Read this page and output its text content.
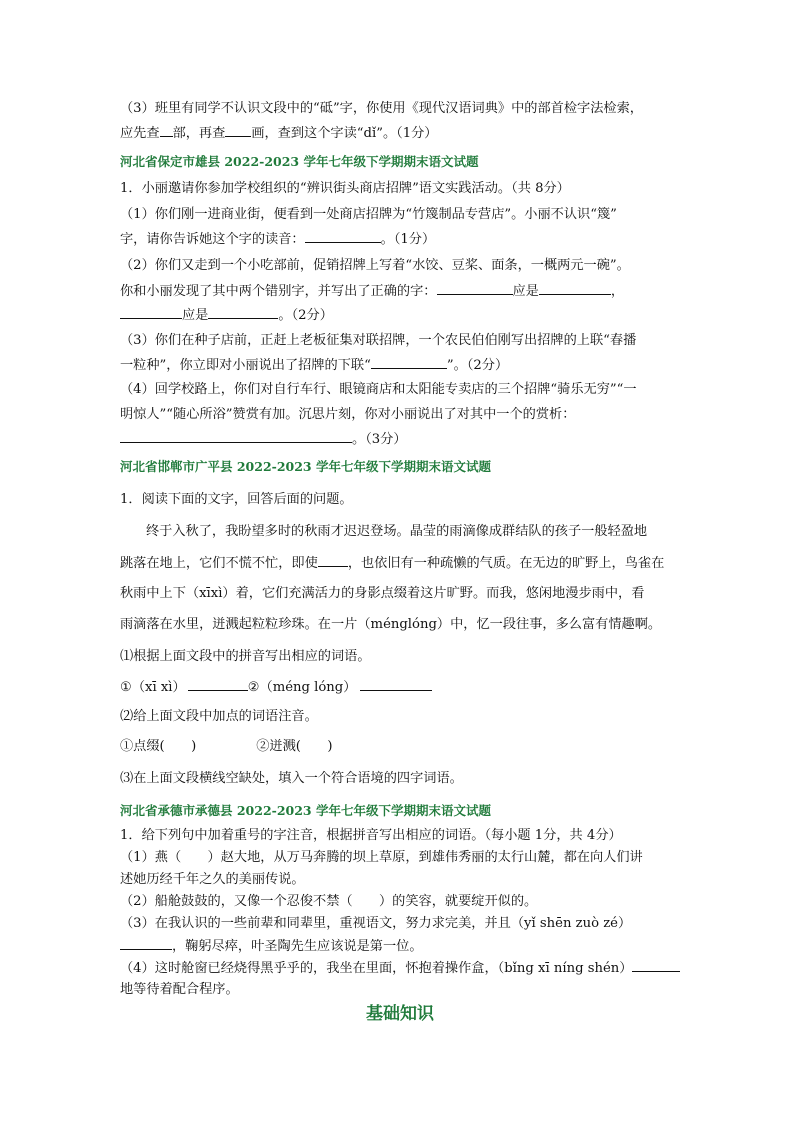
（3）班里有同学不认识文段中的“砥”字，你使用《现代汉语词典》中的部首检字法检索，
应先查 部，再查 画，查到这个字读“dǐ”。（1分）
河北省保定市雄县 2022-2023 学年七年级下学期期末语文试题
1．小丽邀请你参加学校组织的“辨识街头商店招牌”语文实践活动。（共 8分）
（1）你们刚一进商业街，便看到一处商店招牌为“竹篾制品专营店”。小丽不认识“篾”
字，请你告诉她这个字的读音：	。（1分）
（2）你们又走到一个小吃部前，促销招牌上写着“水饺、豆桨、面条，一概两元一碗”。
你和小丽发现了其中两个错别字，并写出了正确的字：	应是	，
应是	。（2分）
（3）你们在种子店前，正赶上老板征集对联招牌，一个农民伯伯刚写出招牌的上联“春播
一粒种”，你立即对小丽说出了招牌的下联“	”。（2分）
（4）回学校路上，你们对自行车行、眼镜商店和太阳能专卖店的三个招牌“骑乐无穷”“一
明惊人”“随心所浴”赞赏有加。沉思片刻，你对小丽说出了对其中一个的赏析：
。（3分）
河北省邯郸市广平县 2022-2023 学年七年级下学期期末语文试题
1．阅读下面的文字，回答后面的问题。
终于入秋了，我盼望多时的秋雨才迟迟登场。晶莹的雨滴像成群结队的孩子一般轻盈地
跳落在地上，它们不慌不忙，即使 ，也依旧有一种疏懒的气质。在无边的旷野上，鸟雀在
秋雨中上下（xīxì）着，它们充满活力的身影点缀着这片旷野。而我，悠闲地漫步雨中，看
雨滴落在水里，迸溅起粒粒珍珠。在一片（ménglóng）中，忆一段往事，多么富有情趣啊。
⑴根据上面文段中的拼音写出相应的词语。
①（xī xì）	②（méng lóng）
⑵给上面文段中加点的词语注音。
①点缀(　　)	②迸溅(　　)
⑶在上面文段横线空缺处，填入一个符合语境的四字词语。
河北省承德市承德县 2022-2023 学年七年级下学期期末语文试题
1．给下列句中加着重号的字注音，根据拼音写出相应的词语。（每小题 1分，共 4分）
（1）燕（　　）赵大地，从万马奔腾的坝上草原，到雄伟秀丽的太行山麓，都在向人们讲
述她历经千年之久的美丽传说。
（2）船舱鼓鼓的，又像一个忍俊不禁（　　）的笑容，就要绽开似的。
（3）在我认识的一些前辈和同辈里，重视语文，努力求完美，并且（yǐ shēn zuò zé）
，鞠躬尽瘁，叶圣陶先生应该说是第一位。
（4）这时舱窗已经烧得黑乎乎的，我坐在里面，怀抱着操作盒，（bǐng xī níng shén）
地等待着配合程序。
基础知识
